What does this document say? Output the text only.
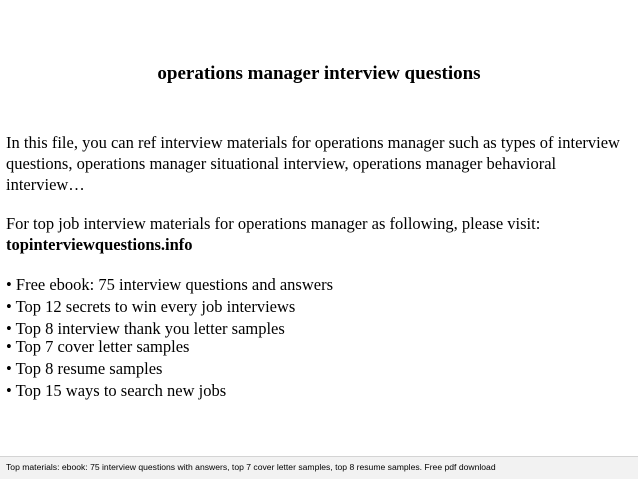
operations manager interview questions

In this file, you can ref interview materials for operations manager such as types of interview questions, operations manager situational interview, operations manager behavioral interview…

For top job interview materials for operations manager as following, please visit:
topinterviewquestions.info

• Free ebook: 75 interview questions and answers
• Top 12 secrets to win every job interviews
• Top 8 interview thank you letter samples
• Top 7 cover letter samples
• Top 8 resume samples
• Top 15 ways to search new jobs
Top materials: ebook: 75 interview questions with answers, top 7 cover letter samples, top 8 resume samples. Free pdf download
